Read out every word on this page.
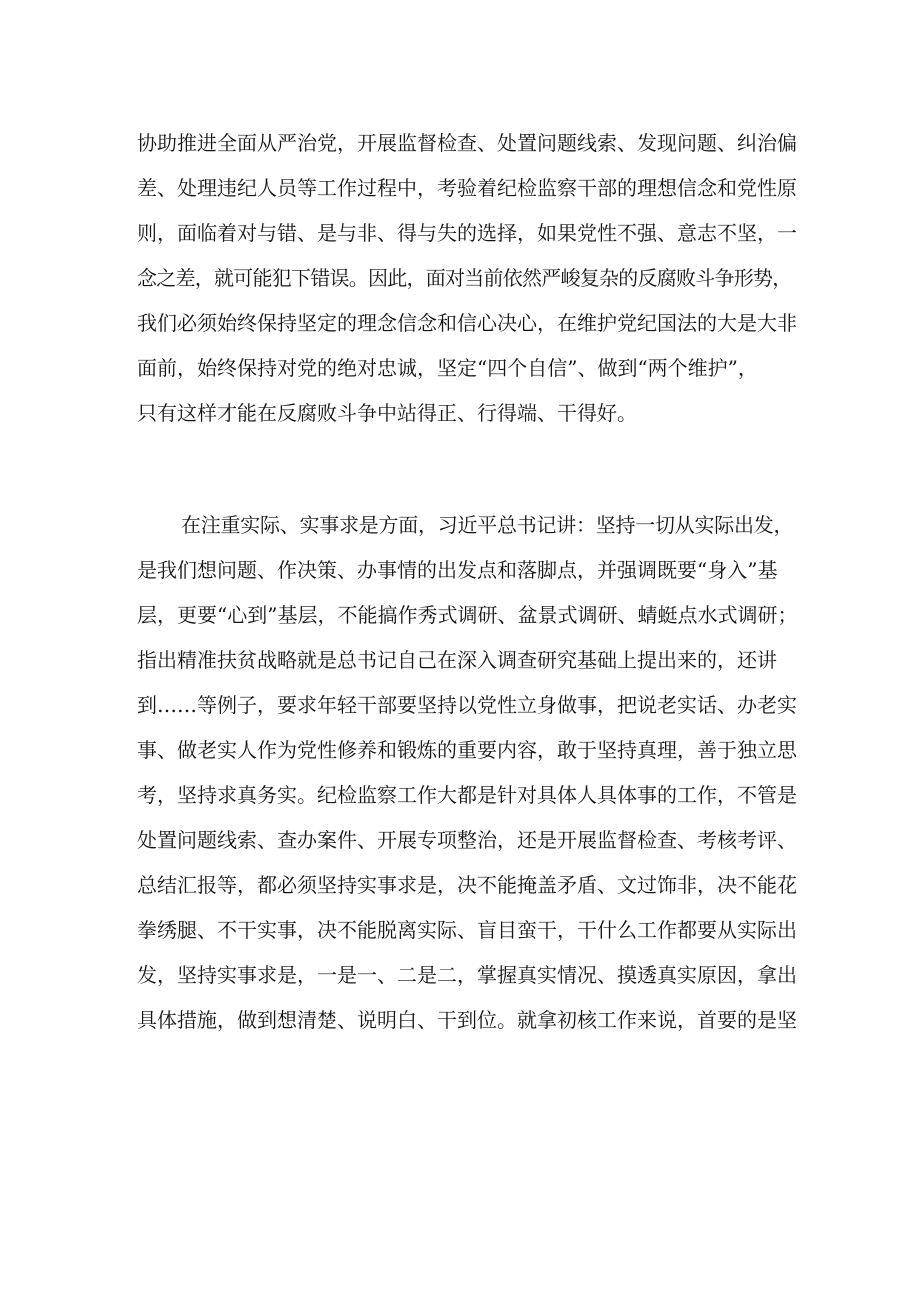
协助推进全面从严治党，开展监督检查、处置问题线索、发现问题、纠治偏
差、处理违纪人员等工作过程中，考验着纪检监察干部的理想信念和党性原
则，面临着对与错、是与非、得与失的选择，如果党性不强、意志不坚，一
念之差，就可能犯下错误。因此，面对当前依然严峻复杂的反腐败斗争形势，
我们必须始终保持坚定的理念信念和信心决心，在维护党纪国法的大是大非
面前，始终保持对党的绝对忠诚，坚定“四个自信”、做到“两个维护”，
只有这样才能在反腐败斗争中站得正、行得端、干得好。
在注重实际、实事求是方面，习近平总书记讲：坚持一切从实际出发，
是我们想问题、作决策、办事情的出发点和落脚点，并强调既要“身入”基
层，更要“心到”基层，不能搞作秀式调研、盆景式调研、蜻蜓点水式调研；
指出精准扶贫战略就是总书记自己在深入调查研究基础上提出来的，还讲
到……等例子，要求年轻干部要坚持以党性立身做事，把说老实话、办老实
事、做老实人作为党性修养和锻炼的重要内容，敢于坚持真理，善于独立思
考，坚持求真务实。纪检监察工作大都是针对具体人具体事的工作，不管是
处置问题线索、查办案件、开展专项整治，还是开展监督检查、考核考评、
总结汇报等，都必须坚持实事求是，决不能掩盖矛盾、文过饰非，决不能花
拳绣腿、不干实事，决不能脱离实际、盲目蛮干，干什么工作都要从实际出
发，坚持实事求是，一是一、二是二，掌握真实情况、摸透真实原因，拿出
具体措施，做到想清楚、说明白、干到位。就拿初核工作来说，首要的是坚
